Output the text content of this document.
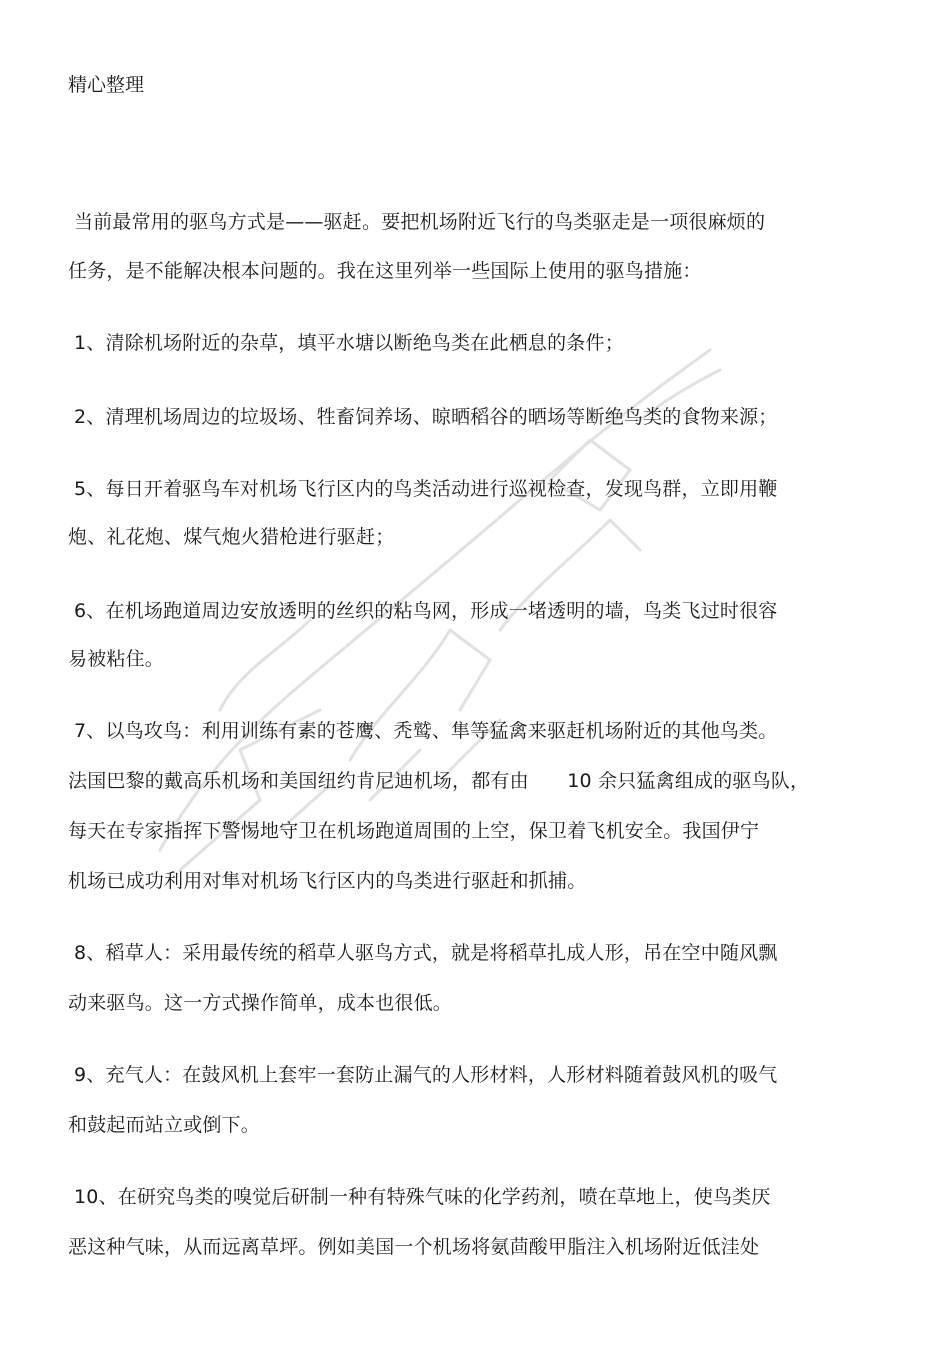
精心整理
当前最常用的驱鸟方式是——驱赶。要把机场附近飞行的鸟类驱走是一项很麻烦的
任务，是不能解决根本问题的。我在这里列举一些国际上使用的驱鸟措施：
1、清除机场附近的杂草，填平水塘以断绝鸟类在此栖息的条件；
2、清理机场周边的垃圾场、牲畜饲养场、晾晒稻谷的晒场等断绝鸟类的食物来源；
5、每日开着驱鸟车对机场飞行区内的鸟类活动进行巡视检查，发现鸟群，立即用鞭
炮、礼花炮、煤气炮火猎枪进行驱赶；
6、在机场跑道周边安放透明的丝织的粘鸟网，形成一堵透明的墙，鸟类飞过时很容
易被粘住。
7、以鸟攻鸟：利用训练有素的苍鹰、秃鹫、隼等猛禽来驱赶机场附近的其他鸟类。
法国巴黎的戴高乐机场和美国纽约肯尼迪机场，都有由　　10 余只猛禽组成的驱鸟队，
每天在专家指挥下警惕地守卫在机场跑道周围的上空，保卫着飞机安全。我国伊宁
机场已成功利用对隼对机场飞行区内的鸟类进行驱赶和抓捕。
8、稻草人：采用最传统的稻草人驱鸟方式，就是将稻草扎成人形，吊在空中随风飘
动来驱鸟。这一方式操作简单，成本也很低。
9、充气人：在鼓风机上套牢一套防止漏气的人形材料，人形材料随着鼓风机的吸气
和鼓起而站立或倒下。
10、在研究鸟类的嗅觉后研制一种有特殊气味的化学药剂，喷在草地上，使鸟类厌
恶这种气味，从而远离草坪。例如美国一个机场将氨茴酸甲脂注入机场附近低洼处
